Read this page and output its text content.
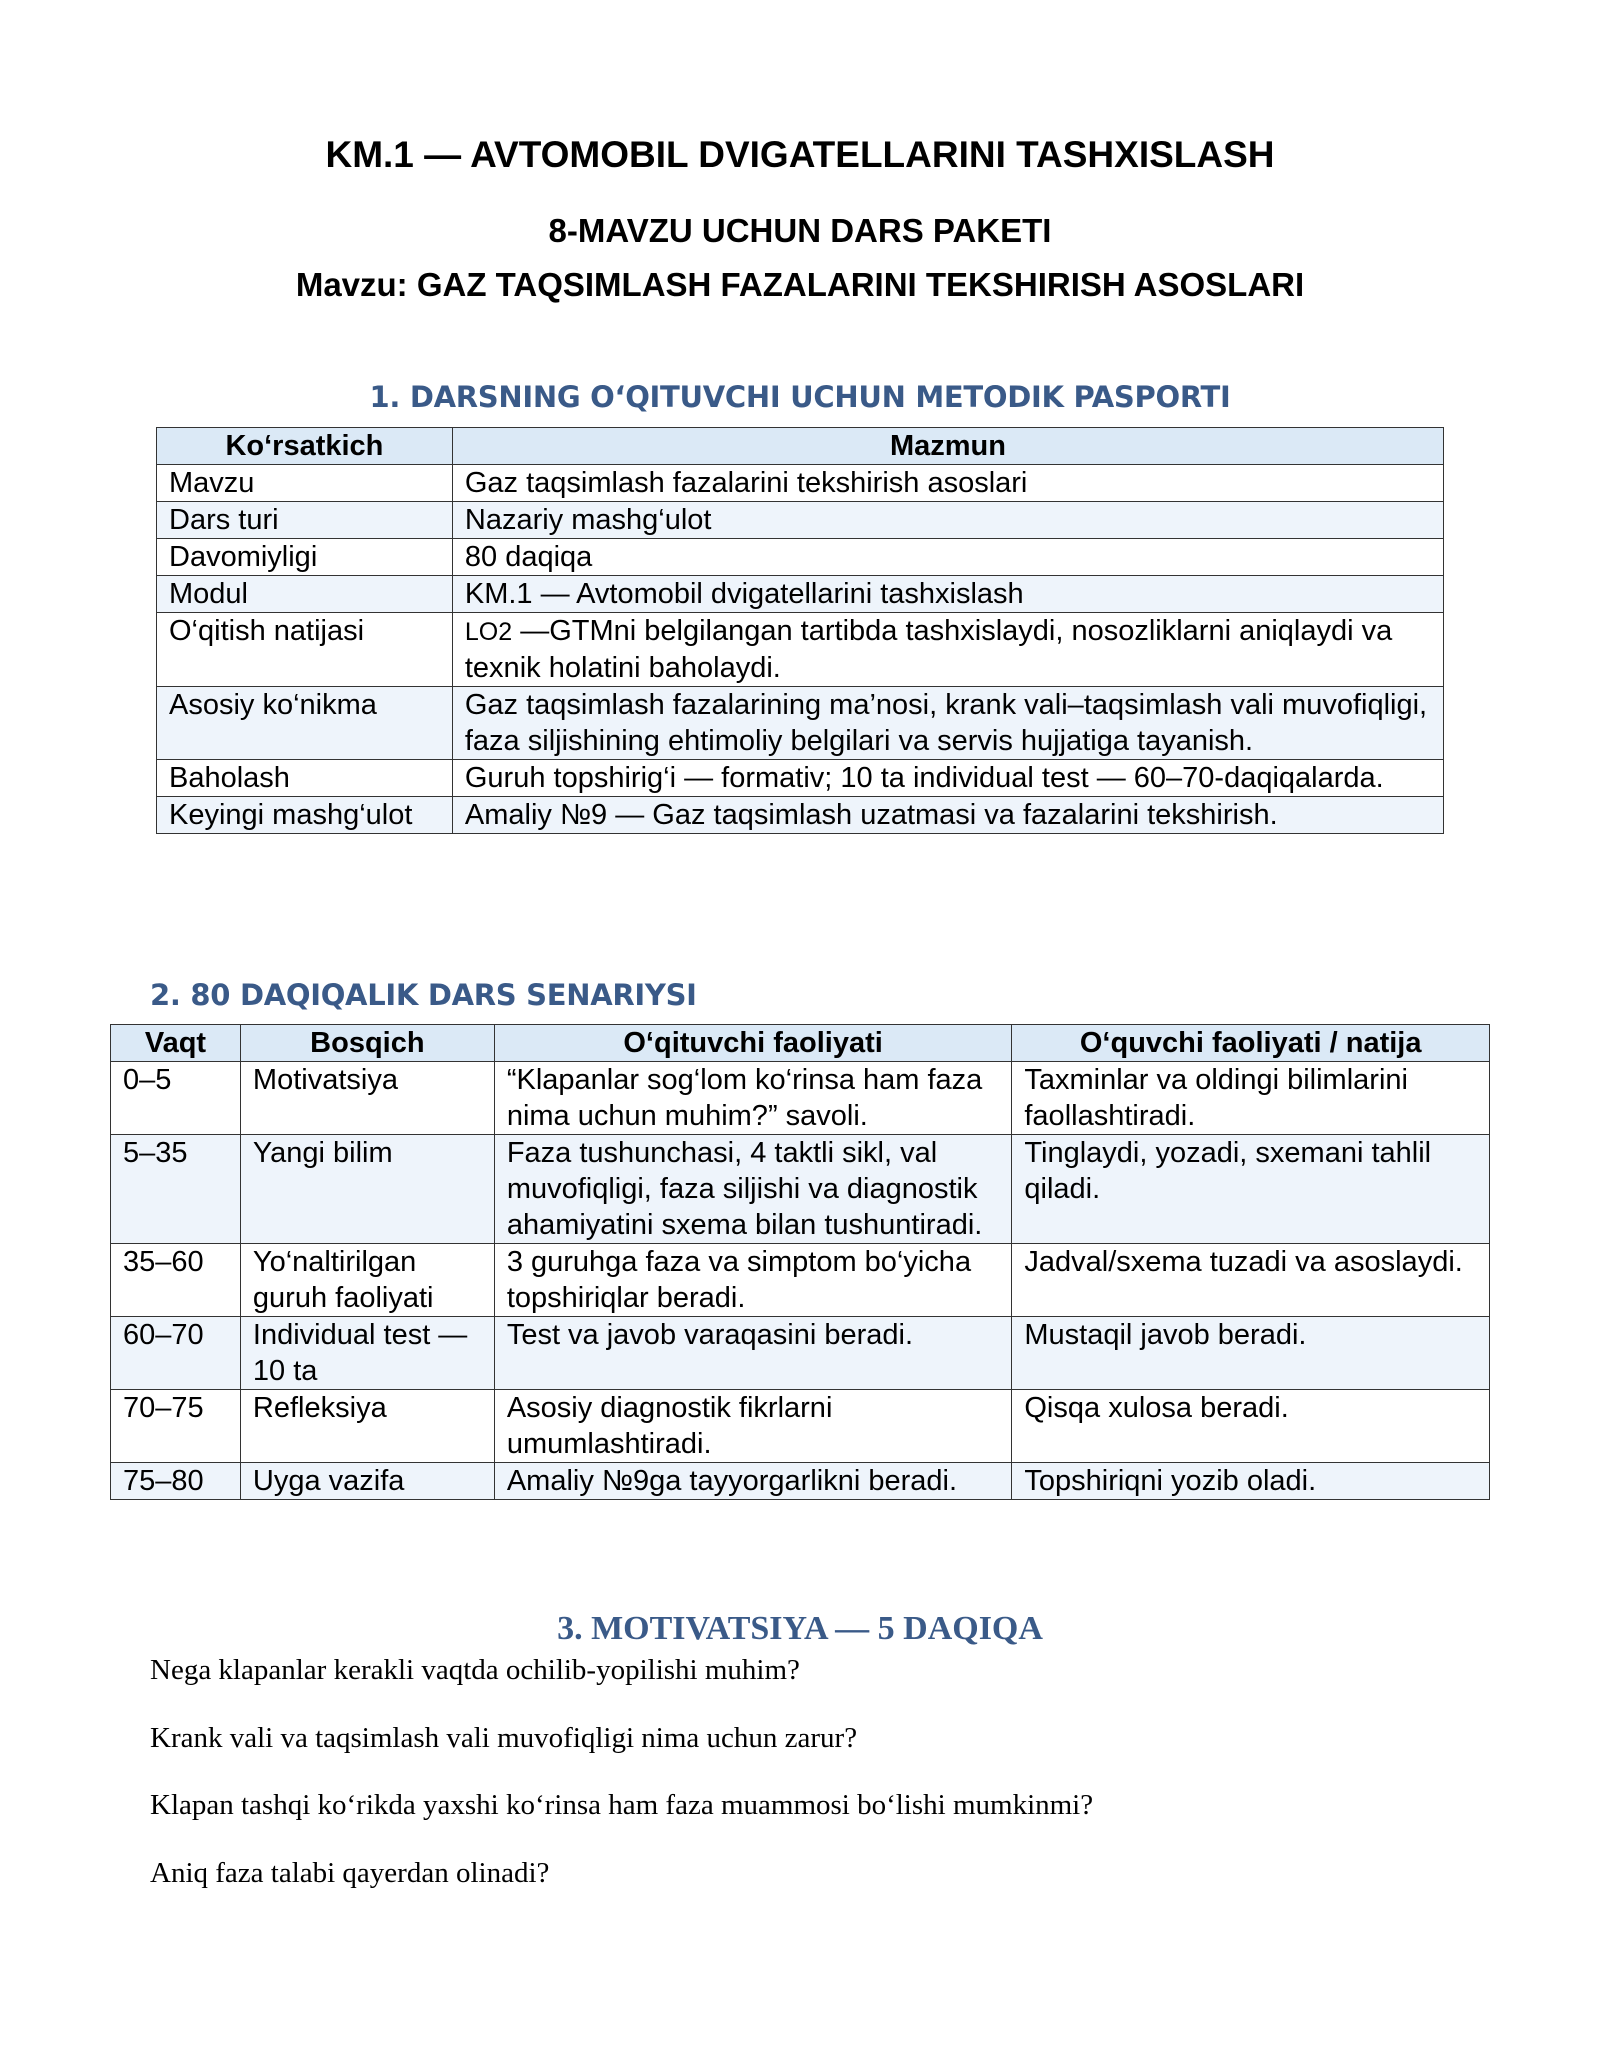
KM.1 — AVTOMOBIL DVIGATELLARINI TASHXISLASH
8-MAVZU UCHUN DARS PAKETI
Mavzu: GAZ TAQSIMLASH FAZALARINI TEKSHIRISH ASOSLARI
1. DARSNING O‘QITUVCHI UCHUN METODIK PASPORTI
Ko‘rsatkich	Mazmun
Mavzu	Gaz taqsimlash fazalarini tekshirish asoslari
Dars turi	Nazariy mashg‘ulot
Davomiyligi	80 daqiqa
Modul	KM.1 — Avtomobil dvigatellarini tashxislash
O‘qitish natijasi	LO2 —GTMni belgilangan tartibda tashxislaydi, nosozliklarni aniqlaydi va texnik holatini baholaydi.
Asosiy ko‘nikma	Gaz taqsimlash fazalarining ma’nosi, krank vali–taqsimlash vali muvofiqligi, faza siljishining ehtimoliy belgilari va servis hujjatiga tayanish.
Baholash	Guruh topshirig‘i — formativ; 10 ta individual test — 60–70-daqiqalarda.
Keyingi mashg‘ulot	Amaliy №9 — Gaz taqsimlash uzatmasi va fazalarini tekshirish.
2. 80 DAQIQALIK DARS SENARIYSI
Vaqt	Bosqich	O‘qituvchi faoliyati	O‘quvchi faoliyati / natija
0–5	Motivatsiya	“Klapanlar sog‘lom ko‘rinsa ham faza nima uchun muhim?” savoli.	Taxminlar va oldingi bilimlarini faollashtiradi.
5–35	Yangi bilim	Faza tushunchasi, 4 taktli sikl, val muvofiqligi, faza siljishi va diagnostik ahamiyatini sxema bilan tushuntiradi.	Tinglaydi, yozadi, sxemani tahlil qiladi.
35–60	Yo‘naltirilgan guruh faoliyati	3 guruhga faza va simptom bo‘yicha topshiriqlar beradi.	Jadval/sxema tuzadi va asoslaydi.
60–70	Individual test — 10 ta	Test va javob varaqasini beradi.	Mustaqil javob beradi.
70–75	Refleksiya	Asosiy diagnostik fikrlarni umumlashtiradi.	Qisqa xulosa beradi.
75–80	Uyga vazifa	Amaliy №9ga tayyorgarlikni beradi.	Topshiriqni yozib oladi.
3. MOTIVATSIYA — 5 DAQIQA
Nega klapanlar kerakli vaqtda ochilib-yopilishi muhim?
Krank vali va taqsimlash vali muvofiqligi nima uchun zarur?
Klapan tashqi ko‘rikda yaxshi ko‘rinsa ham faza muammosi bo‘lishi mumkinmi?
Aniq faza talabi qayerdan olinadi?
